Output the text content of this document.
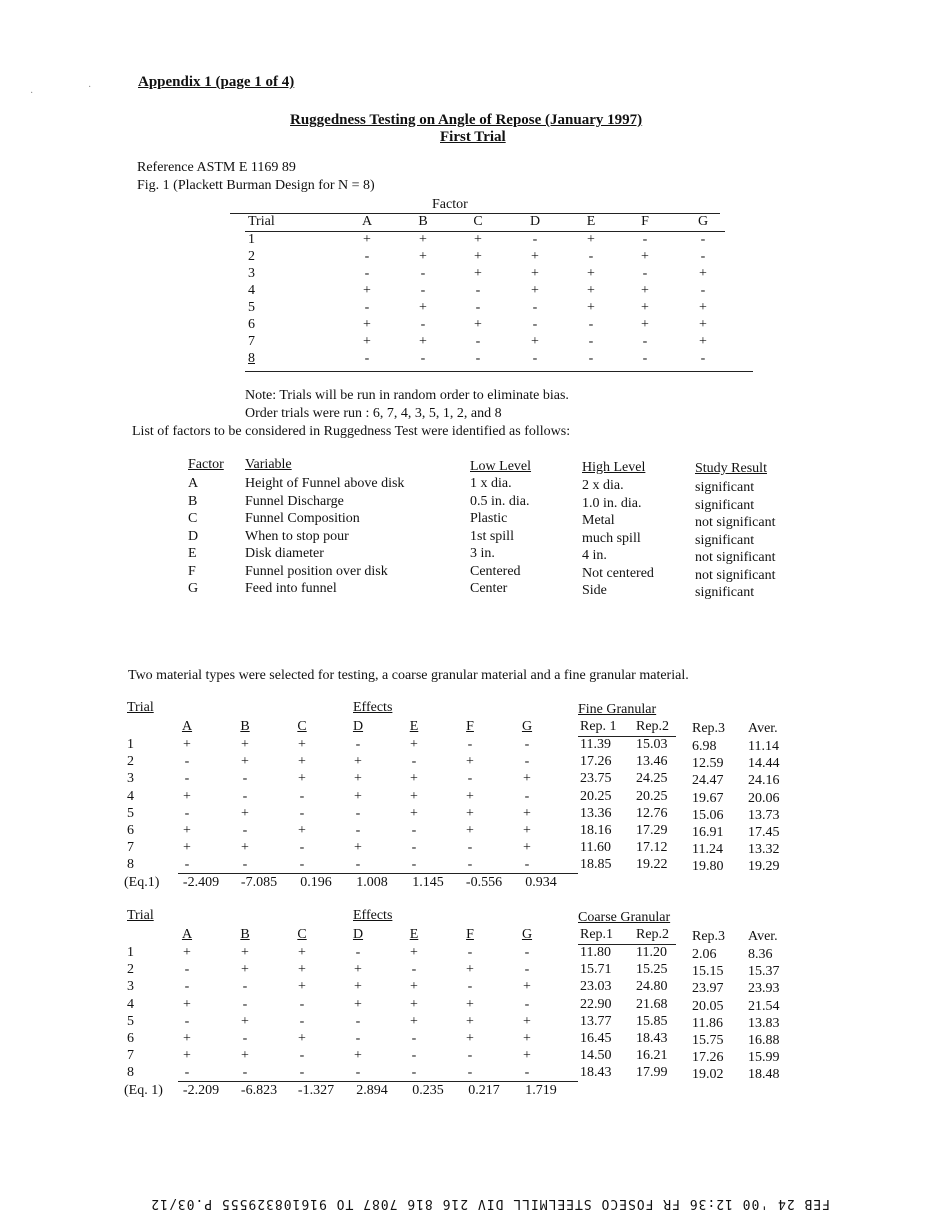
Appendix 1 (page 1 of 4)
·
·
Ruggedness Testing on Angle of Repose (January 1997)
First Trial
Reference ASTM E 1169 89
Fig. 1 (Plackett Burman Design for N = 8)
Factor
Trial	A	B	C	D	E	F	G
1	+	+	+	-	+	-	-
2	-	+	+	+	-	+	-
3	-	-	+	+	+	-	+
4	+	-	-	+	+	+	-
5	-	+	-	-	+	+	+
6	+	-	+	-	-	+	+
7	+	+	-	+	-	-	+
8	-	-	-	-	-	-	-
Note: Trials will be run in random order to eliminate bias.
Order trials were run : 6, 7, 4, 3, 5, 1, 2, and 8
List of factors to be considered in Ruggedness Test were identified as follows:
Factor Variable	Low Level	High Level	Study Result
A	Height of Funnel above disk	1 x dia.	2 x dia.	significant
B	Funnel Discharge	0.5 in. dia.	1.0 in. dia.	significant
C	Funnel Composition	Plastic	Metal	not significant
D	When to stop pour	1st spill	much spill	significant
E	Disk diameter	3 in.	4 in.	not significant
F	Funnel position over disk	Centered	Not centered	not significant
G	Feed into funnel	Center	Side	significant
Two material types were selected for testing, a coarse granular material and a fine granular material.
Trial	Effects	Fine Granular
A	B	C	D	E	F	G	Rep. 1 Rep.2 Rep.3 Aver.
1	+	+	+	-	+	-	-	11.39 15.03 6.98 11.14
2	-	+	+	+	-	+	-	17.26 13.46 12.59 14.44
3	-	-	+	+	+	-	+	23.75 24.25 24.47 24.16
4	+	-	-	+	+	+	-	20.25 20.25 19.67 20.06
5	-	+	-	-	+	+	+	13.36 12.76 15.06 13.73
6	+	-	+	-	-	+	+	18.16 17.29 16.91 17.45
7	+	+	-	+	-	-	+	11.60 17.12 11.24 13.32
8	-	-	-	-	-	-	-	18.85 19.22 19.80 19.29
(Eq.1) -2.409 -7.085 0.196 1.008 1.145 -0.556 0.934
Trial	Effects	Coarse Granular
A	B	C	D	E	F	G	Rep.1 Rep.2 Rep.3 Aver.
1	+	+	+	-	+	-	-	11.80 11.20 2.06 8.36
2	-	+	+	+	-	+	-	15.71 15.25 15.15 15.37
3	-	-	+	+	+	-	+	23.03 24.80 23.97 23.93
4	+	-	-	+	+	+	-	22.90 21.68 20.05 21.54
5	-	+	-	-	+	+	+	13.77 15.85 11.86 13.83
6	+	-	+	-	-	+	+	16.45 18.43 15.75 16.88
7	+	+	-	+	-	-	+	14.50 16.21 17.26 15.99
8	-	-	-	-	-	-	-	18.43 17.99 19.02 18.48
(Eq. 1) -2.209 -6.823 -1.327 2.894 0.235 0.217 1.719
FEB 24 '00 12:36 FR FOSECO STEELMILL DIV 216 816 7087 TO 916108329555 P.03/12
